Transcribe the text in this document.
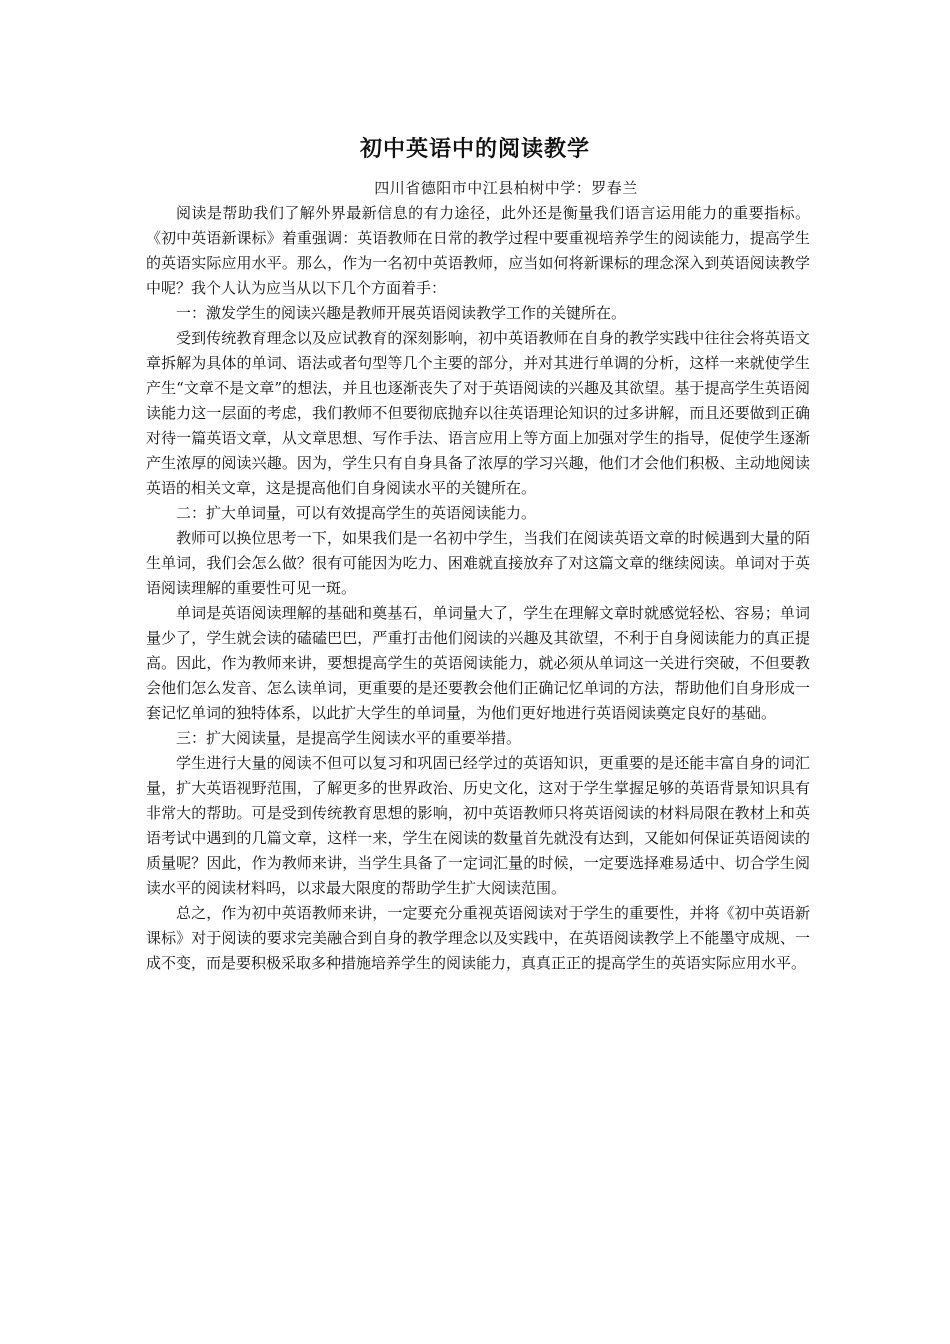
初中英语中的阅读教学
四川省德阳市中江县柏树中学：罗春兰

阅读是帮助我们了解外界最新信息的有力途径，此外还是衡量我们语言运用能力的重要指标。《初中英语新课标》着重强调：英语教师在日常的教学过程中要重视培养学生的阅读能力，提高学生的英语实际应用水平。那么，作为一名初中英语教师，应当如何将新课标的理念深入到英语阅读教学中呢？我个人认为应当从以下几个方面着手：

一：激发学生的阅读兴趣是教师开展英语阅读教学工作的关键所在。

受到传统教育理念以及应试教育的深刻影响，初中英语教师在自身的教学实践中往往会将英语文章拆解为具体的单词、语法或者句型等几个主要的部分，并对其进行单调的分析，这样一来就使学生产生“文章不是文章”的想法，并且也逐渐丧失了对于英语阅读的兴趣及其欲望。基于提高学生英语阅读能力这一层面的考虑，我们教师不但要彻底抛弃以往英语理论知识的过多讲解，而且还要做到正确对待一篇英语文章，从文章思想、写作手法、语言应用上等方面上加强对学生的指导，促使学生逐渐产生浓厚的阅读兴趣。因为，学生只有自身具备了浓厚的学习兴趣，他们才会他们积极、主动地阅读英语的相关文章，这是提高他们自身阅读水平的关键所在。

二：扩大单词量，可以有效提高学生的英语阅读能力。

教师可以换位思考一下，如果我们是一名初中学生，当我们在阅读英语文章的时候遇到大量的陌生单词，我们会怎么做？很有可能因为吃力、困难就直接放弃了对这篇文章的继续阅读。单词对于英语阅读理解的重要性可见一斑。

单词是英语阅读理解的基础和奠基石，单词量大了，学生在理解文章时就感觉轻松、容易；单词量少了，学生就会读的磕磕巴巴，严重打击他们阅读的兴趣及其欲望，不利于自身阅读能力的真正提高。因此，作为教师来讲，要想提高学生的英语阅读能力，就必须从单词这一关进行突破，不但要教会他们怎么发音、怎么读单词，更重要的是还要教会他们正确记忆单词的方法，帮助他们自身形成一套记忆单词的独特体系，以此扩大学生的单词量，为他们更好地进行英语阅读奠定良好的基础。

三：扩大阅读量，是提高学生阅读水平的重要举措。

学生进行大量的阅读不但可以复习和巩固已经学过的英语知识，更重要的是还能丰富自身的词汇量，扩大英语视野范围，了解更多的世界政治、历史文化，这对于学生掌握足够的英语背景知识具有非常大的帮助。可是受到传统教育思想的影响，初中英语教师只将英语阅读的材料局限在教材上和英语考试中遇到的几篇文章，这样一来，学生在阅读的数量首先就没有达到，又能如何保证英语阅读的质量呢？因此，作为教师来讲，当学生具备了一定词汇量的时候，一定要选择难易适中、切合学生阅读水平的阅读材料吗，以求最大限度的帮助学生扩大阅读范围。

总之，作为初中英语教师来讲，一定要充分重视英语阅读对于学生的重要性，并将《初中英语新课标》对于阅读的要求完美融合到自身的教学理念以及实践中，在英语阅读教学上不能墨守成规、一成不变，而是要积极采取多种措施培养学生的阅读能力，真真正正的提高学生的英语实际应用水平。
